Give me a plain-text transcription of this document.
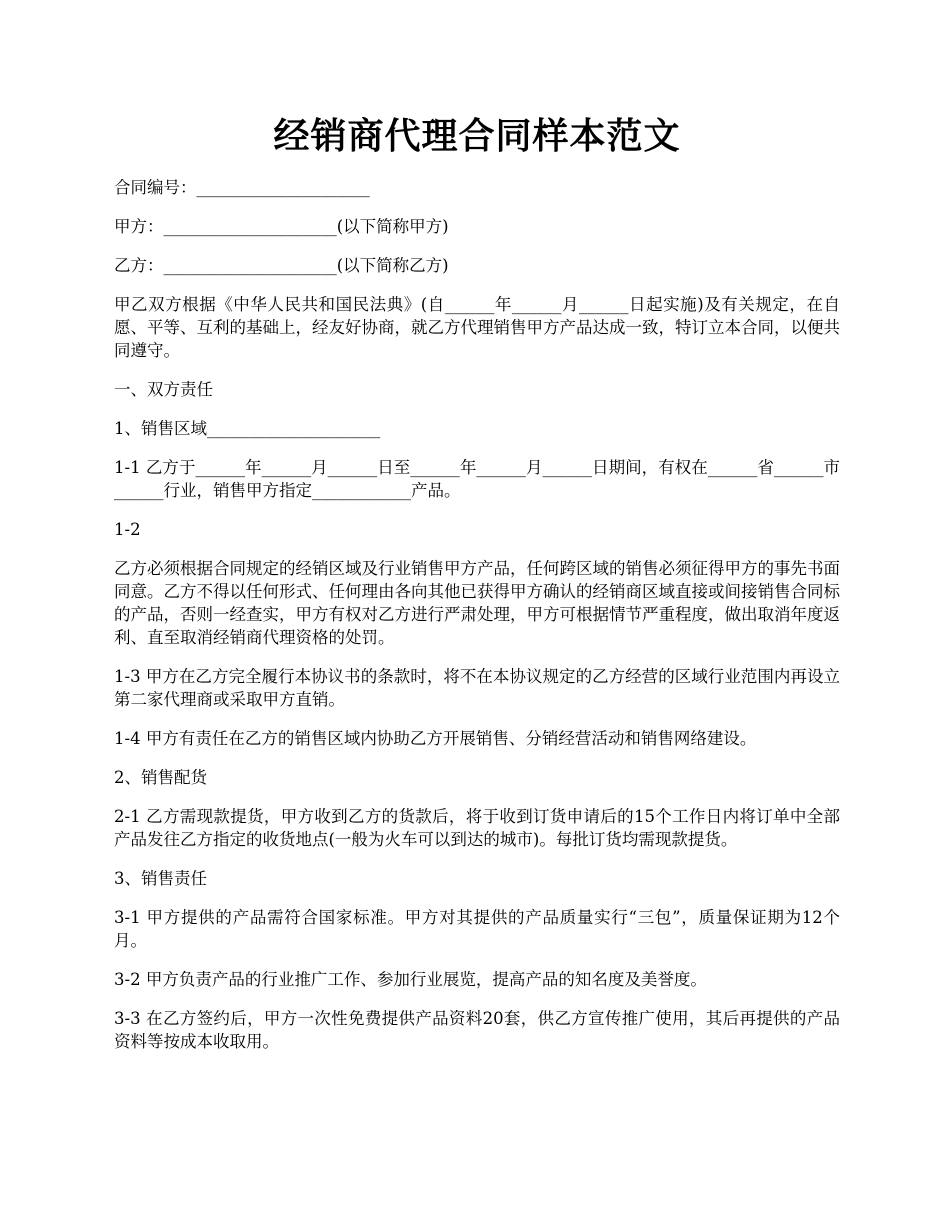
经销商代理合同样本范文

合同编号：_____________________

甲方：_____________________(以下简称甲方)

乙方：_____________________(以下简称乙方)

甲乙双方根据《中华人民共和国民法典》(自______年______月______日起实施)及有关规定，在自愿、平等、互利的基础上，经友好协商，就乙方代理销售甲方产品达成一致，特订立本合同，以便共同遵守。

一、双方责任

1、销售区域_____________________

1-1 乙方于______年______月______日至______年______月______日期间，有权在______省______市______行业，销售甲方指定____________产品。

1-2

乙方必须根据合同规定的经销区域及行业销售甲方产品，任何跨区域的销售必须征得甲方的事先书面同意。乙方不得以任何形式、任何理由各向其他已获得甲方确认的经销商区域直接或间接销售合同标的产品，否则一经查实，甲方有权对乙方进行严肃处理，甲方可根据情节严重程度，做出取消年度返利、直至取消经销商代理资格的处罚。

1-3 甲方在乙方完全履行本协议书的条款时，将不在本协议规定的乙方经营的区域行业范围内再设立第二家代理商或采取甲方直销。

1-4 甲方有责任在乙方的销售区域内协助乙方开展销售、分销经营活动和销售网络建设。

2、销售配货

2-1 乙方需现款提货，甲方收到乙方的货款后，将于收到订货申请后的15个工作日内将订单中全部产品发往乙方指定的收货地点(一般为火车可以到达的城市)。每批订货均需现款提货。

3、销售责任

3-1 甲方提供的产品需符合国家标准。甲方对其提供的产品质量实行“三包”，质量保证期为12个月。

3-2 甲方负责产品的行业推广工作、参加行业展览，提高产品的知名度及美誉度。

3-3 在乙方签约后，甲方一次性免费提供产品资料20套，供乙方宣传推广使用，其后再提供的产品资料等按成本收取用。
